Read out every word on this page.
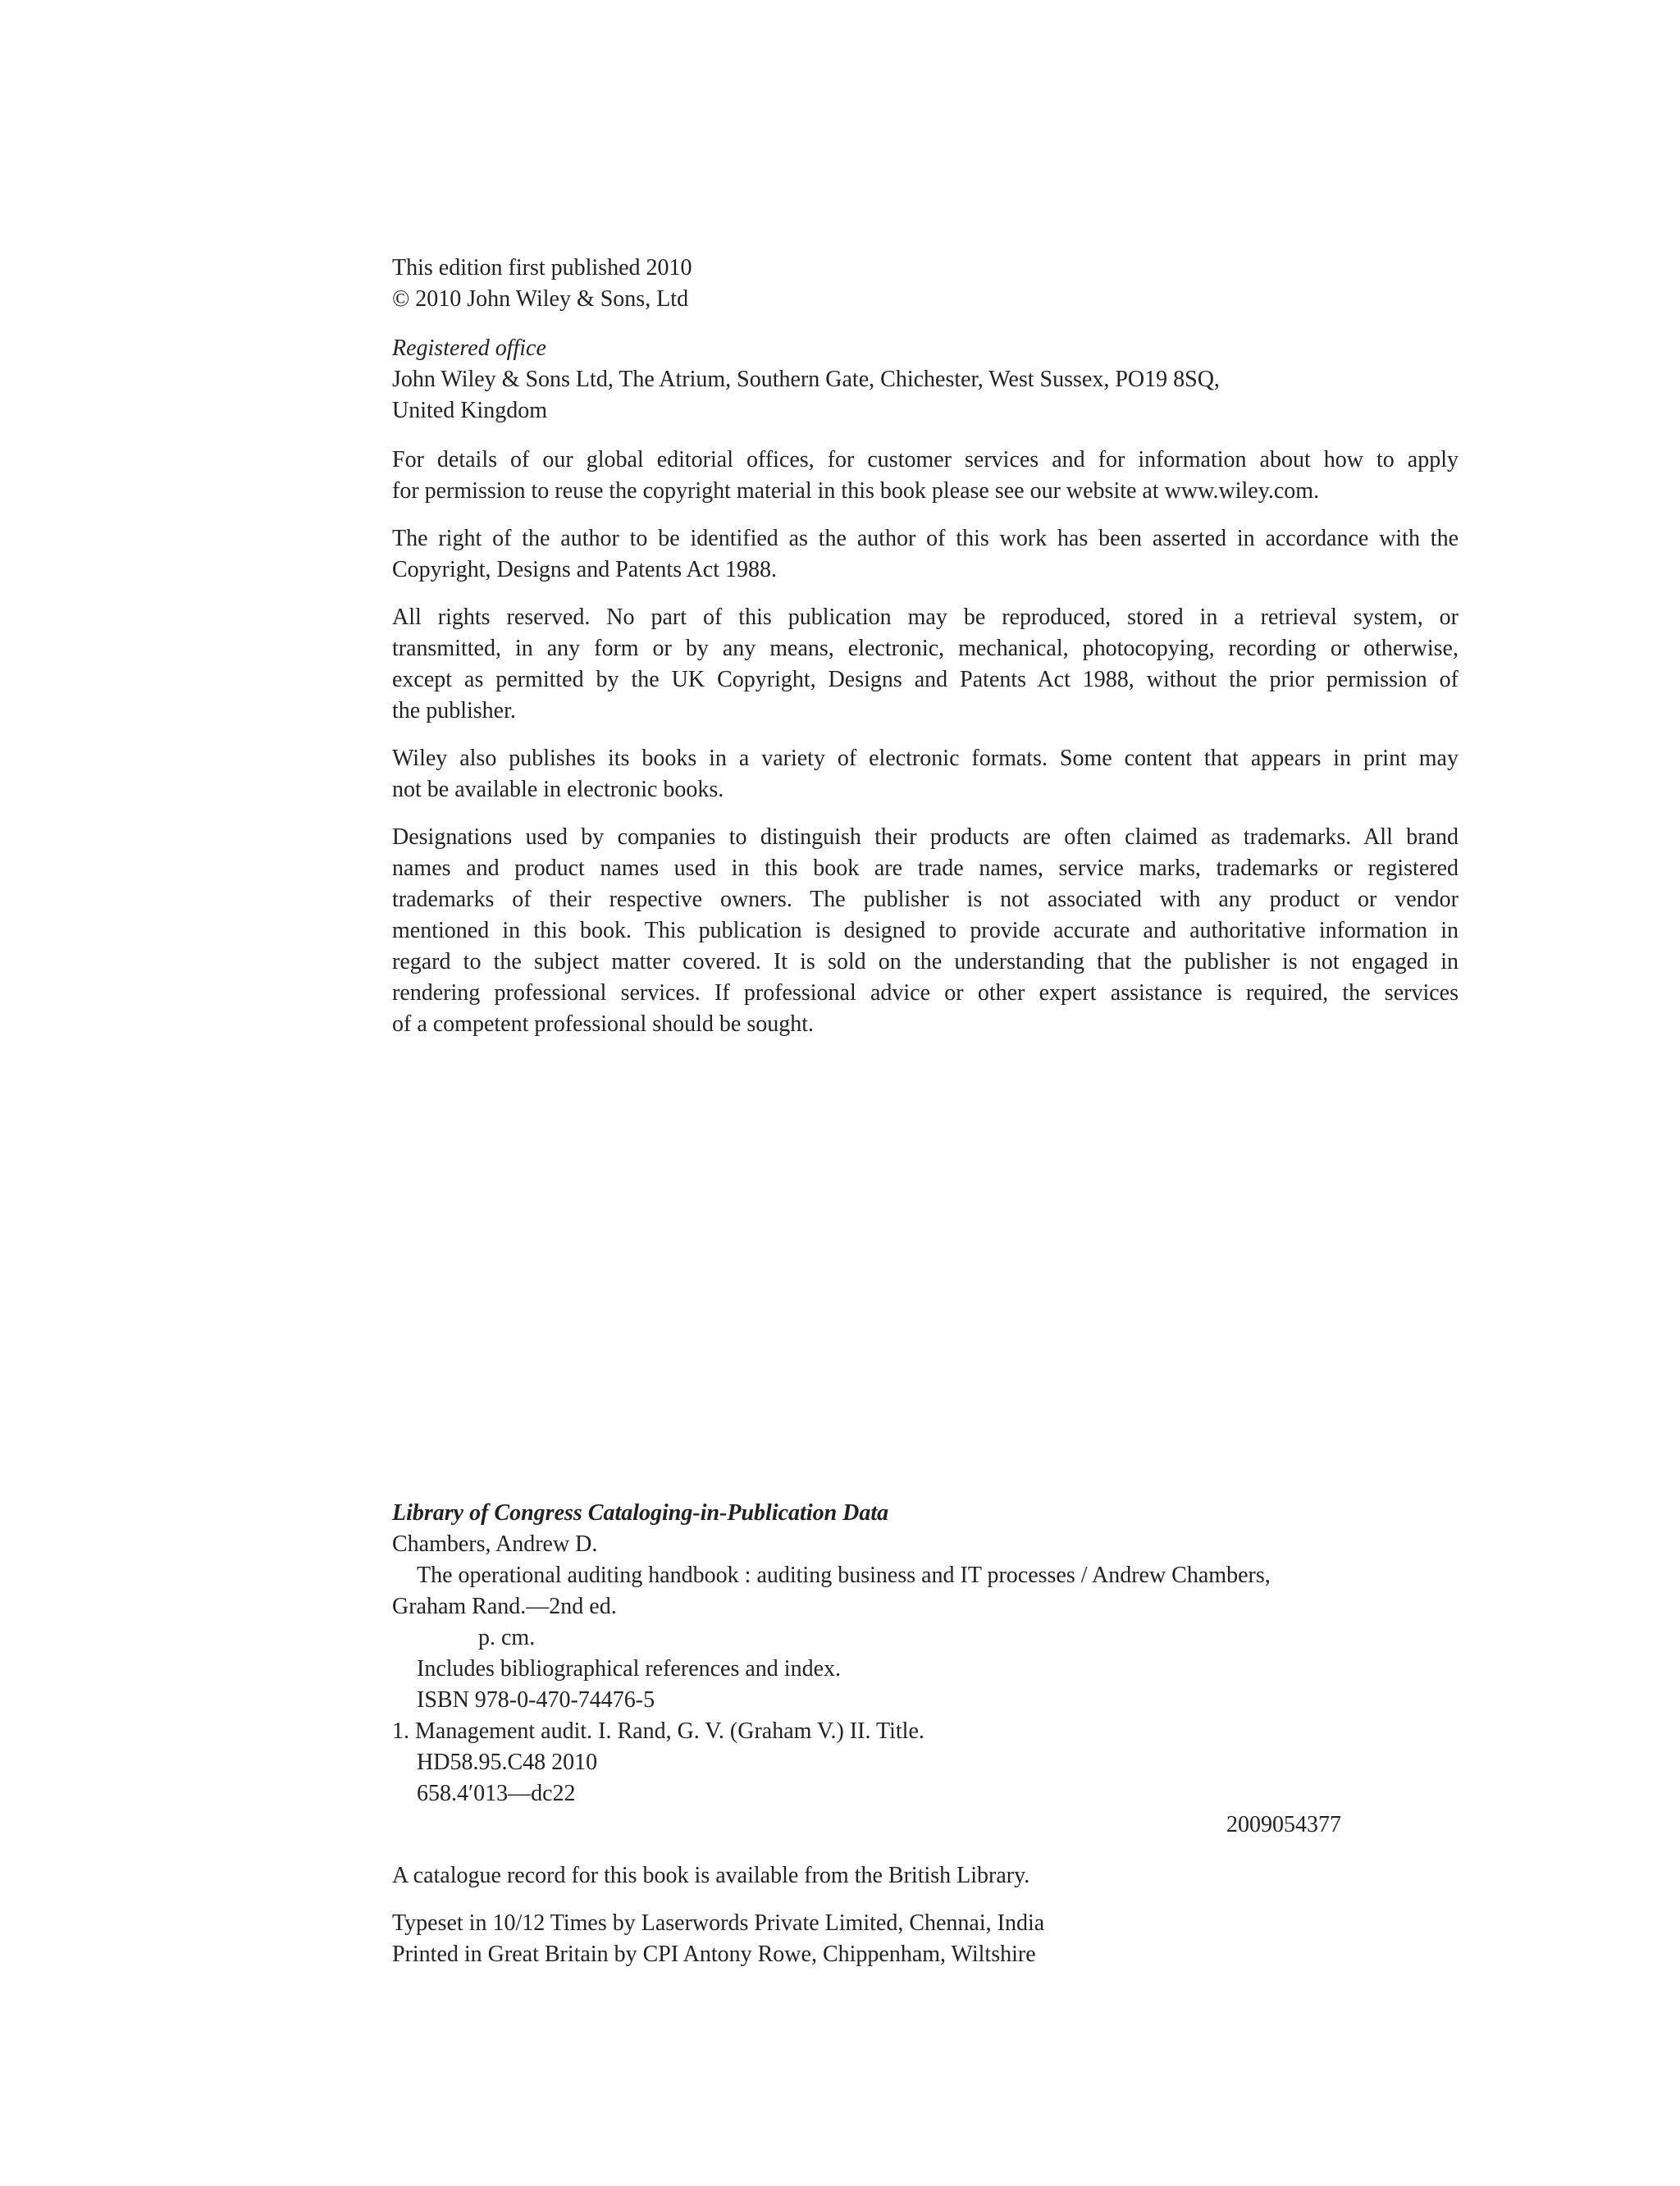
This edition first published 2010
© 2010 John Wiley & Sons, Ltd
Registered office
John Wiley & Sons Ltd, The Atrium, Southern Gate, Chichester, West Sussex, PO19 8SQ,
United Kingdom
For details of our global editorial offices, for customer services and for information about how to apply
for permission to reuse the copyright material in this book please see our website at www.wiley.com.
The right of the author to be identified as the author of this work has been asserted in accordance with the
Copyright, Designs and Patents Act 1988.
All rights reserved. No part of this publication may be reproduced, stored in a retrieval system, or
transmitted, in any form or by any means, electronic, mechanical, photocopying, recording or otherwise,
except as permitted by the UK Copyright, Designs and Patents Act 1988, without the prior permission of
the publisher.
Wiley also publishes its books in a variety of electronic formats. Some content that appears in print may
not be available in electronic books.
Designations used by companies to distinguish their products are often claimed as trademarks. All brand
names and product names used in this book are trade names, service marks, trademarks or registered
trademarks of their respective owners. The publisher is not associated with any product or vendor
mentioned in this book. This publication is designed to provide accurate and authoritative information in
regard to the subject matter covered. It is sold on the understanding that the publisher is not engaged in
rendering professional services. If professional advice or other expert assistance is required, the services
of a competent professional should be sought.
Library of Congress Cataloging-in-Publication Data
Chambers, Andrew D.
The operational auditing handbook : auditing business and IT processes / Andrew Chambers,
Graham Rand.—2nd ed.
p. cm.
Includes bibliographical references and index.
ISBN 978-0-470-74476-5
1. Management audit. I. Rand, G. V. (Graham V.) II. Title.
HD58.95.C48 2010
658.4′013—dc22
2009054377
A catalogue record for this book is available from the British Library.
Typeset in 10/12 Times by Laserwords Private Limited, Chennai, India
Printed in Great Britain by CPI Antony Rowe, Chippenham, Wiltshire
